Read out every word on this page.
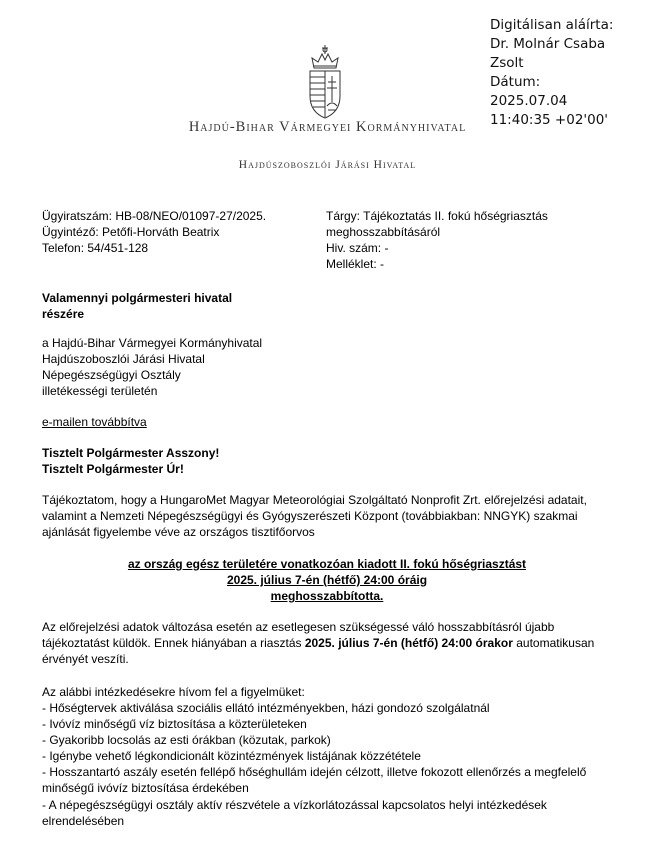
Digitálisan aláírta:
Dr. Molnár Csaba
Zsolt
Dátum:
2025.07.04
11:40:35 +02'00'
Hajdú-Bihar Vármegyei Kormányhivatal
Hajdúszoboszlói Járási Hivatal
Ügyiratszám: HB-08/NEO/01097-27/2025.
Ügyintéző: Petőfi-Horváth Beatrix
Telefon: 54/451-128
Tárgy: Tájékoztatás II. fokú hőségriasztás
meghosszabbításáról
Hiv. szám: -
Melléklet: -
Valamennyi polgármesteri hivatal
részére
a Hajdú-Bihar Vármegyei Kormányhivatal
Hajdúszoboszlói Járási Hivatal
Népegészségügyi Osztály
illetékességi területén
e-mailen továbbítva
Tisztelt Polgármester Asszony!
Tisztelt Polgármester Úr!
Tájékoztatom, hogy a HungaroMet Magyar Meteorológiai Szolgáltató Nonprofit Zrt. előrejelzési adatait,
valamint a Nemzeti Népegészségügyi és Gyógyszerészeti Központ (továbbiakban: NNGYK) szakmai
ajánlását figyelembe véve az országos tisztifőorvos
az ország egész területére vonatkozóan kiadott II. fokú hőségriasztást
2025. július 7-én (hétfő) 24:00 óráig
meghosszabbította.
Az előrejelzési adatok változása esetén az esetlegesen szükségessé váló hosszabbításról újabb
tájékoztatást küldök. Ennek hiányában a riasztás 2025. július 7-én (hétfő) 24:00 órakor automatikusan
érvényét veszíti.
Az alábbi intézkedésekre hívom fel a figyelmüket:
- Hőségtervek aktiválása szociális ellátó intézményekben, házi gondozó szolgálatnál
- Ivóvíz minőségű víz biztosítása a közterületeken
- Gyakoribb locsolás az esti órákban (közutak, parkok)
- Igénybe vehető légkondicionált közintézmények listájának közzététele
- Hosszantartó aszály esetén fellépő hőséghullám idején célzott, illetve fokozott ellenőrzés a megfelelő
minőségű ivóvíz biztosítása érdekében
- A népegészségügyi osztály aktív részvétele a vízkorlátozással kapcsolatos helyi intézkedések
elrendelésében
